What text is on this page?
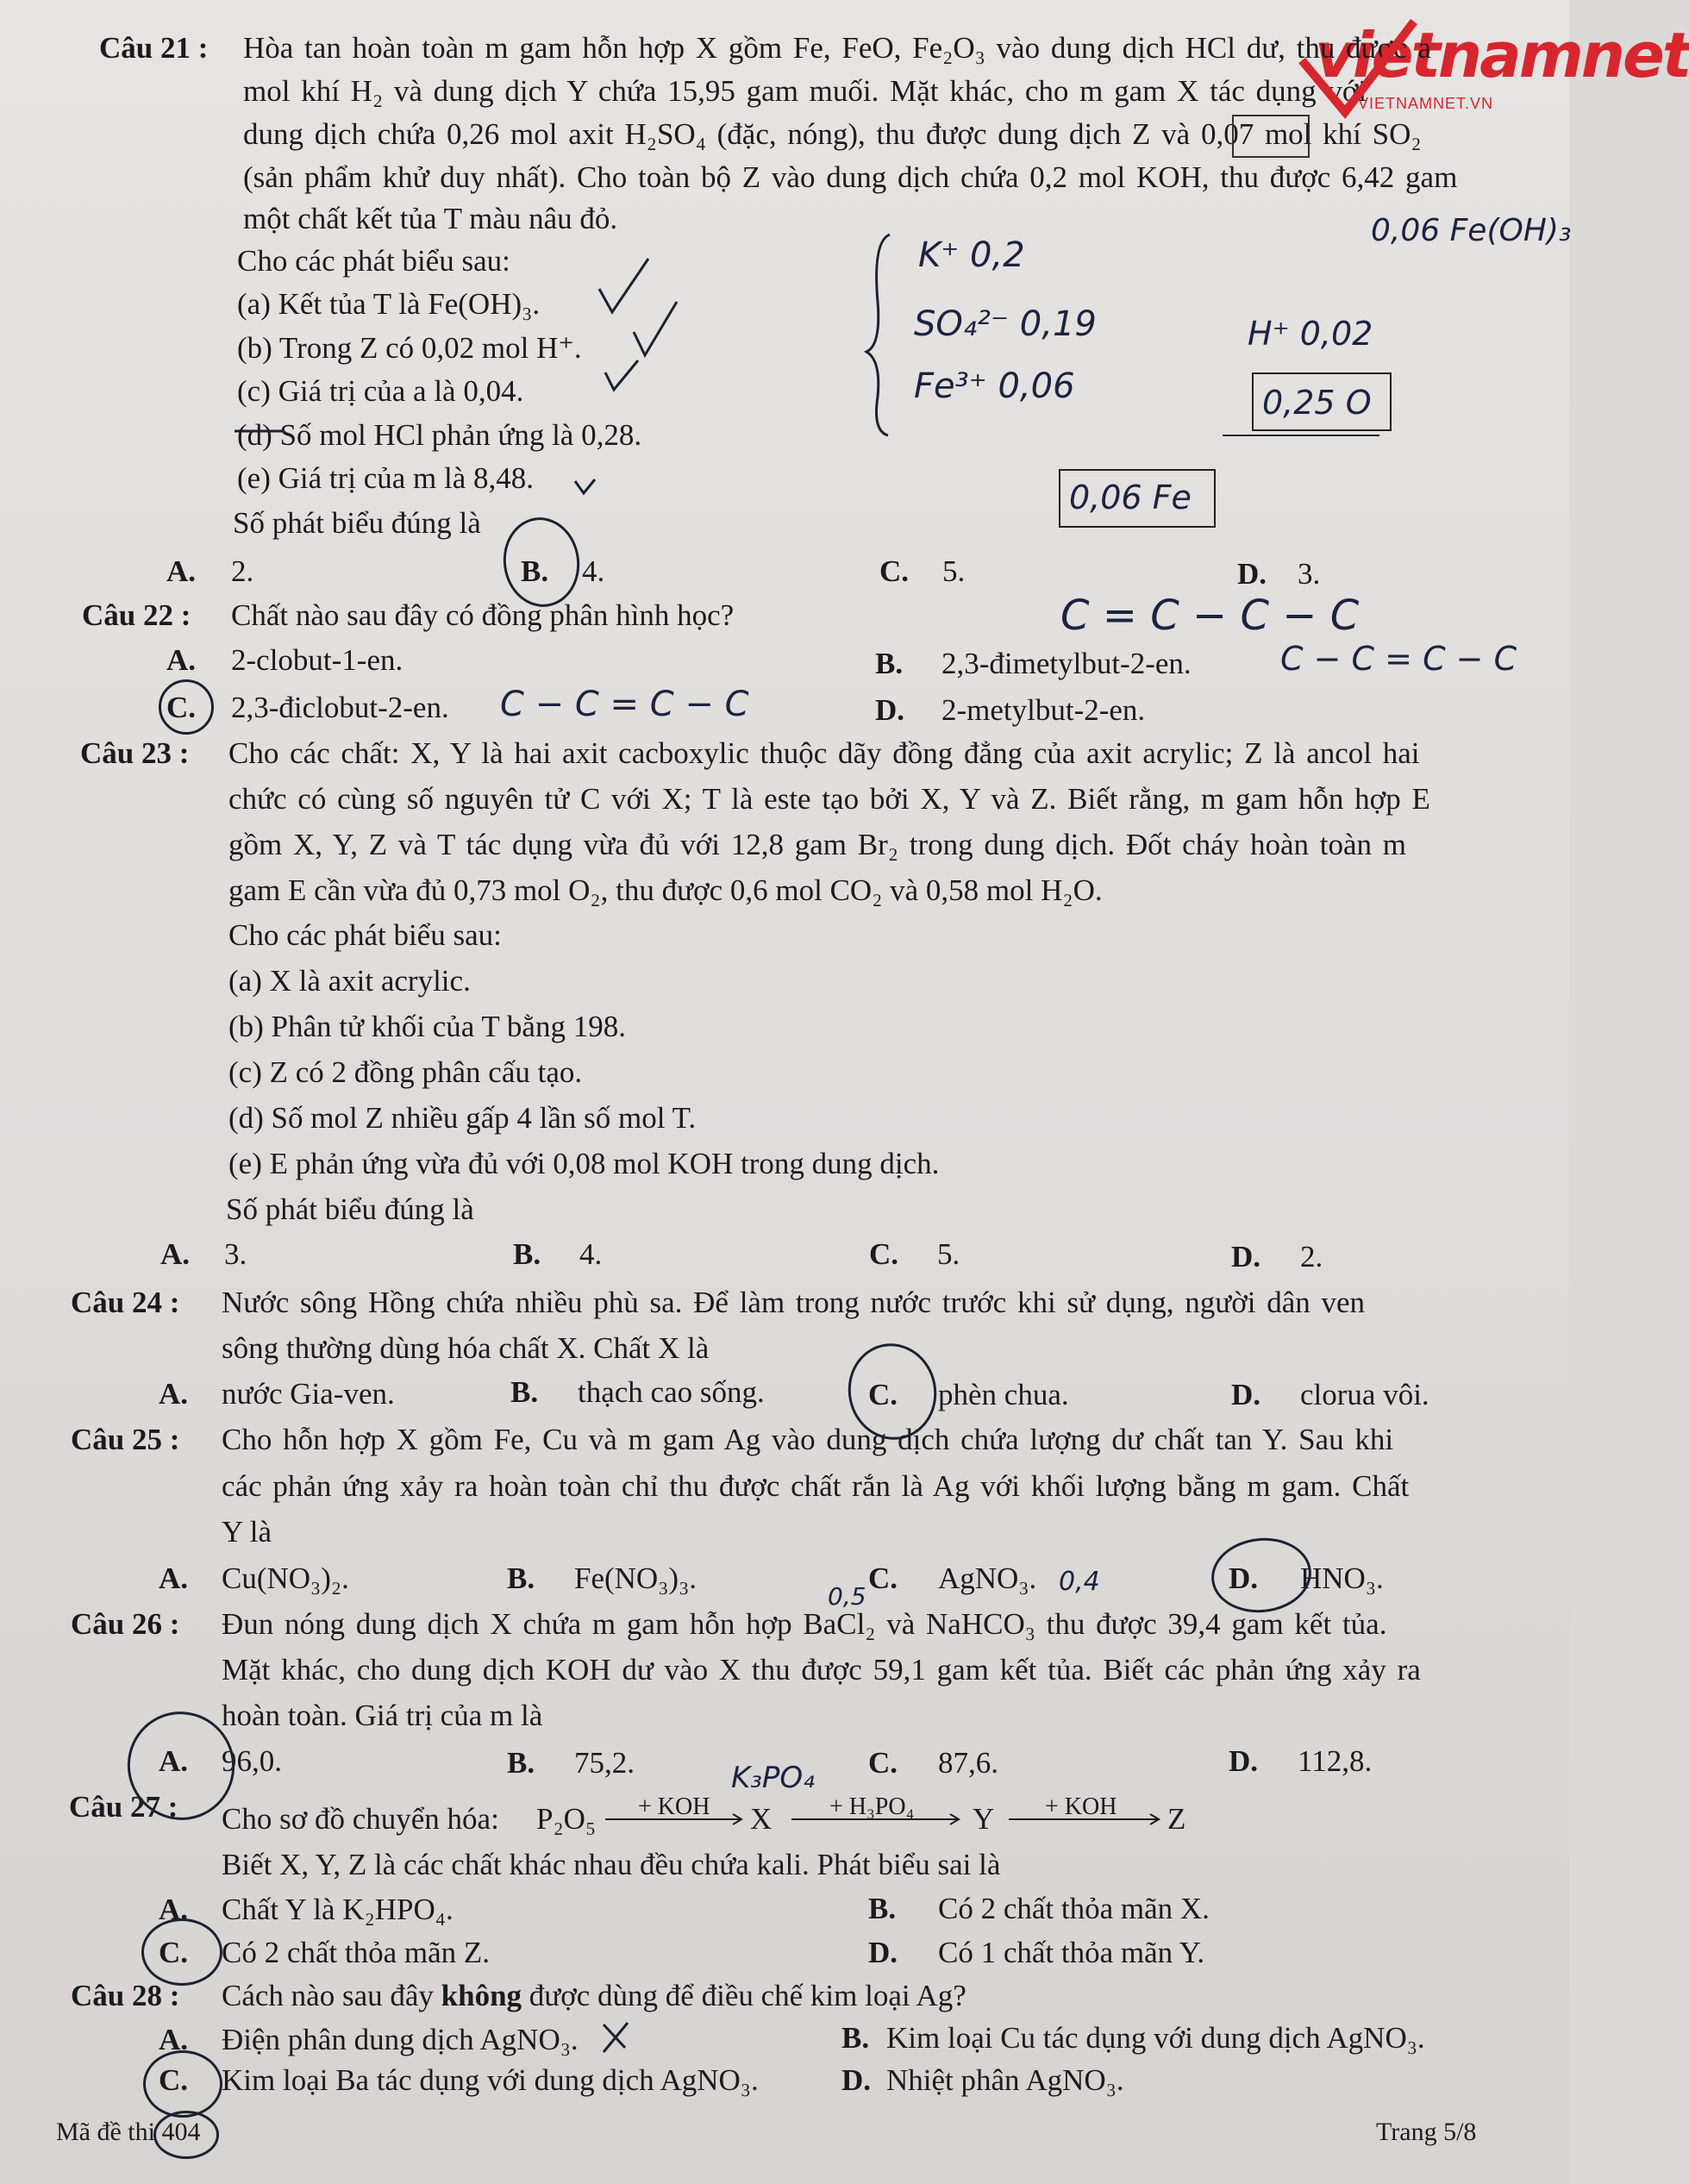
vietnamnet
VIETNAMNET.VN
Câu 21 : Hòa tan hoàn toàn m gam hỗn hợp X gồm Fe, FeO, Fe₂O₃ vào dung dịch HCl dư, thu được a
mol khí H₂ và dung dịch Y chứa 15,95 gam muối. Mặt khác, cho m gam X tác dụng với
dung dịch chứa 0,26 mol axit H₂SO₄ (đặc, nóng), thu được dung dịch Z và 0,07 mol khí SO₂
(sản phẩm khử duy nhất). Cho toàn bộ Z vào dung dịch chứa 0,2 mol KOH, thu được 6,42 gam
một chất kết tủa T màu nâu đỏ.
Cho các phát biểu sau:
(a) Kết tủa T là Fe(OH)₃.
(b) Trong Z có 0,02 mol H⁺.
(c) Giá trị của a là 0,04.
(d) Số mol HCl phản ứng là 0,28.
(e) Giá trị của m là 8,48.
Số phát biểu đúng là
A. 2.	B. 4.	C. 5.	D. 3.
Câu 22 : Chất nào sau đây có đồng phân hình học?
A. 2-clobut-1-en.	B. 2,3-đimetylbut-2-en.
C. 2,3-điclobut-2-en.	D. 2-metylbut-2-en.
Câu 23 : Cho các chất: X, Y là hai axit cacboxylic thuộc dãy đồng đẳng của axit acrylic; Z là ancol hai
chức có cùng số nguyên tử C với X; T là este tạo bởi X, Y và Z. Biết rằng, m gam hỗn hợp E
gồm X, Y, Z và T tác dụng vừa đủ với 12,8 gam Br₂ trong dung dịch. Đốt cháy hoàn toàn m
gam E cần vừa đủ 0,73 mol O₂, thu được 0,6 mol CO₂ và 0,58 mol H₂O.
Cho các phát biểu sau:
(a) X là axit acrylic.
(b) Phân tử khối của T bằng 198.
(c) Z có 2 đồng phân cấu tạo.
(d) Số mol Z nhiều gấp 4 lần số mol T.
(e) E phản ứng vừa đủ với 0,08 mol KOH trong dung dịch.
Số phát biểu đúng là
A. 3.	B. 4.	C. 5.	D. 2.
Câu 24 : Nước sông Hồng chứa nhiều phù sa. Để làm trong nước trước khi sử dụng, người dân ven
sông thường dùng hóa chất X. Chất X là
A. nước Gia-ven.	B. thạch cao sống.	C. phèn chua.	D. clorua vôi.
Câu 25 : Cho hỗn hợp X gồm Fe, Cu và m gam Ag vào dung dịch chứa lượng dư chất tan Y. Sau khi
các phản ứng xảy ra hoàn toàn chỉ thu được chất rắn là Ag với khối lượng bằng m gam. Chất
Y là
A. Cu(NO₃)₂.	B. Fe(NO₃)₃.	C. AgNO₃.	D. HNO₃.
Câu 26 : Đun nóng dung dịch X chứa m gam hỗn hợp BaCl₂ và NaHCO₃ thu được 39,4 gam kết tủa.
Mặt khác, cho dung dịch KOH dư vào X thu được 59,1 gam kết tủa. Biết các phản ứng xảy ra
hoàn toàn. Giá trị của m là
A. 96,0.	B. 75,2.	C. 87,6.	D. 112,8.
Câu 27 : Cho sơ đồ chuyển hóa: P₂O₅ + KOH X + H₃PO₄ Y + KOH Z
Biết X, Y, Z là các chất khác nhau đều chứa kali. Phát biểu sai là
A. Chất Y là K₂HPO₄.	B. Có 2 chất thỏa mãn X.
C. Có 2 chất thỏa mãn Z.	D. Có 1 chất thỏa mãn Y.
Câu 28 : Cách nào sau đây không được dùng để điều chế kim loại Ag?
A. Điện phân dung dịch AgNO₃.	B. Kim loại Cu tác dụng với dung dịch AgNO₃.
C. Kim loại Ba tác dụng với dung dịch AgNO₃.	D. Nhiệt phân AgNO₃.
Mã đề thi 404	Trang 5/8
K⁺ 0,2
SO₄²⁻ 0,19
Fe³⁺ 0,06
0,06 Fe(OH)₃
H⁺ 0,02
0,25 O
0,06 Fe
C = C − C − C
C − C = C − C
C − C = C − C
K₃PO₄
0,5	0,4
